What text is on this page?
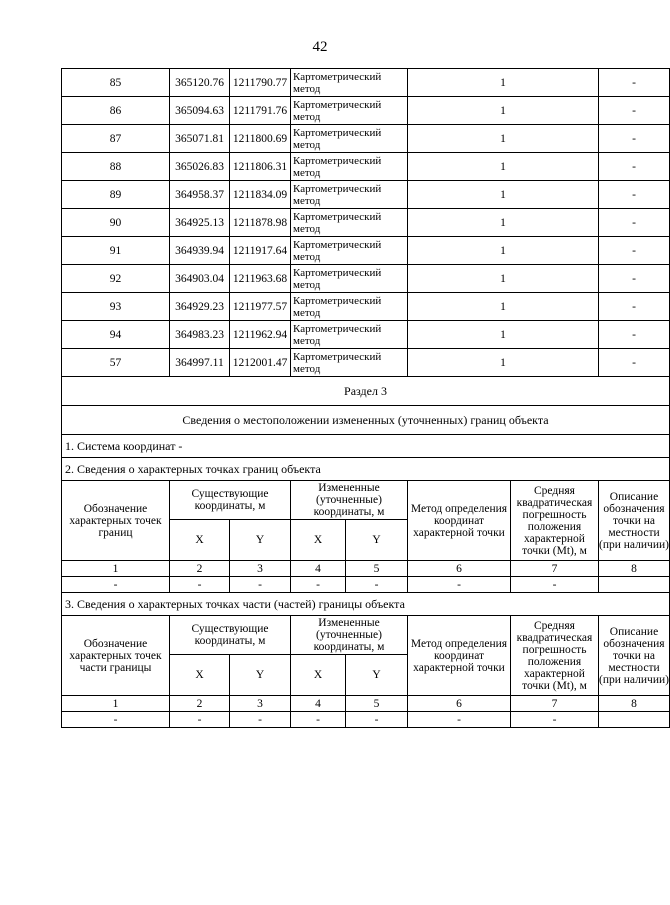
42
85	365120.76	1211790.77	Картометрический метод		1		-
86	365094.63	1211791.76	Картометрический метод		1		-
87	365071.81	1211800.69	Картометрический метод		1		-
88	365026.83	1211806.31	Картометрический метод		1		-
89	364958.37	1211834.09	Картометрический метод		1		-
90	364925.13	1211878.98	Картометрический метод		1		-
91	364939.94	1211917.64	Картометрический метод		1		-
92	364903.04	1211963.68	Картометрический метод		1		-
93	364929.23	1211977.57	Картометрический метод		1		-
94	364983.23	1211962.94	Картометрический метод		1		-
57	364997.11	1212001.47	Картометрический метод		1		-
Раздел 3							
Сведения о местоположении измененных (уточненных) границ объекта							
1. Система координат -							
2. Сведения о характерных точках границ объекта							
Обозначение характерных точек границ	Существующие координаты, м		Измененные (уточненные) координаты, м		Метод определения координат характерной точки	Средняя квадратическая погрешность положения характерной точки (Mt), м	Описание обозначения точки на местности (при наличии)
	X	Y	X	Y			
1	2	3	4	5	6	7	8
-	-	-	-	-	-	-	
3. Сведения о характерных точках части (частей) границы объекта							
Обозначение характерных точек части границы	Существующие координаты, м		Измененные (уточненные) координаты, м		Метод определения координат характерной точки	Средняя квадратическая погрешность положения характерной точки (Mt), м	Описание обозначения точки на местности (при наличии)
	X	Y	X	Y			
1	2	3	4	5	6	7	8
-	-	-	-	-	-	-	
